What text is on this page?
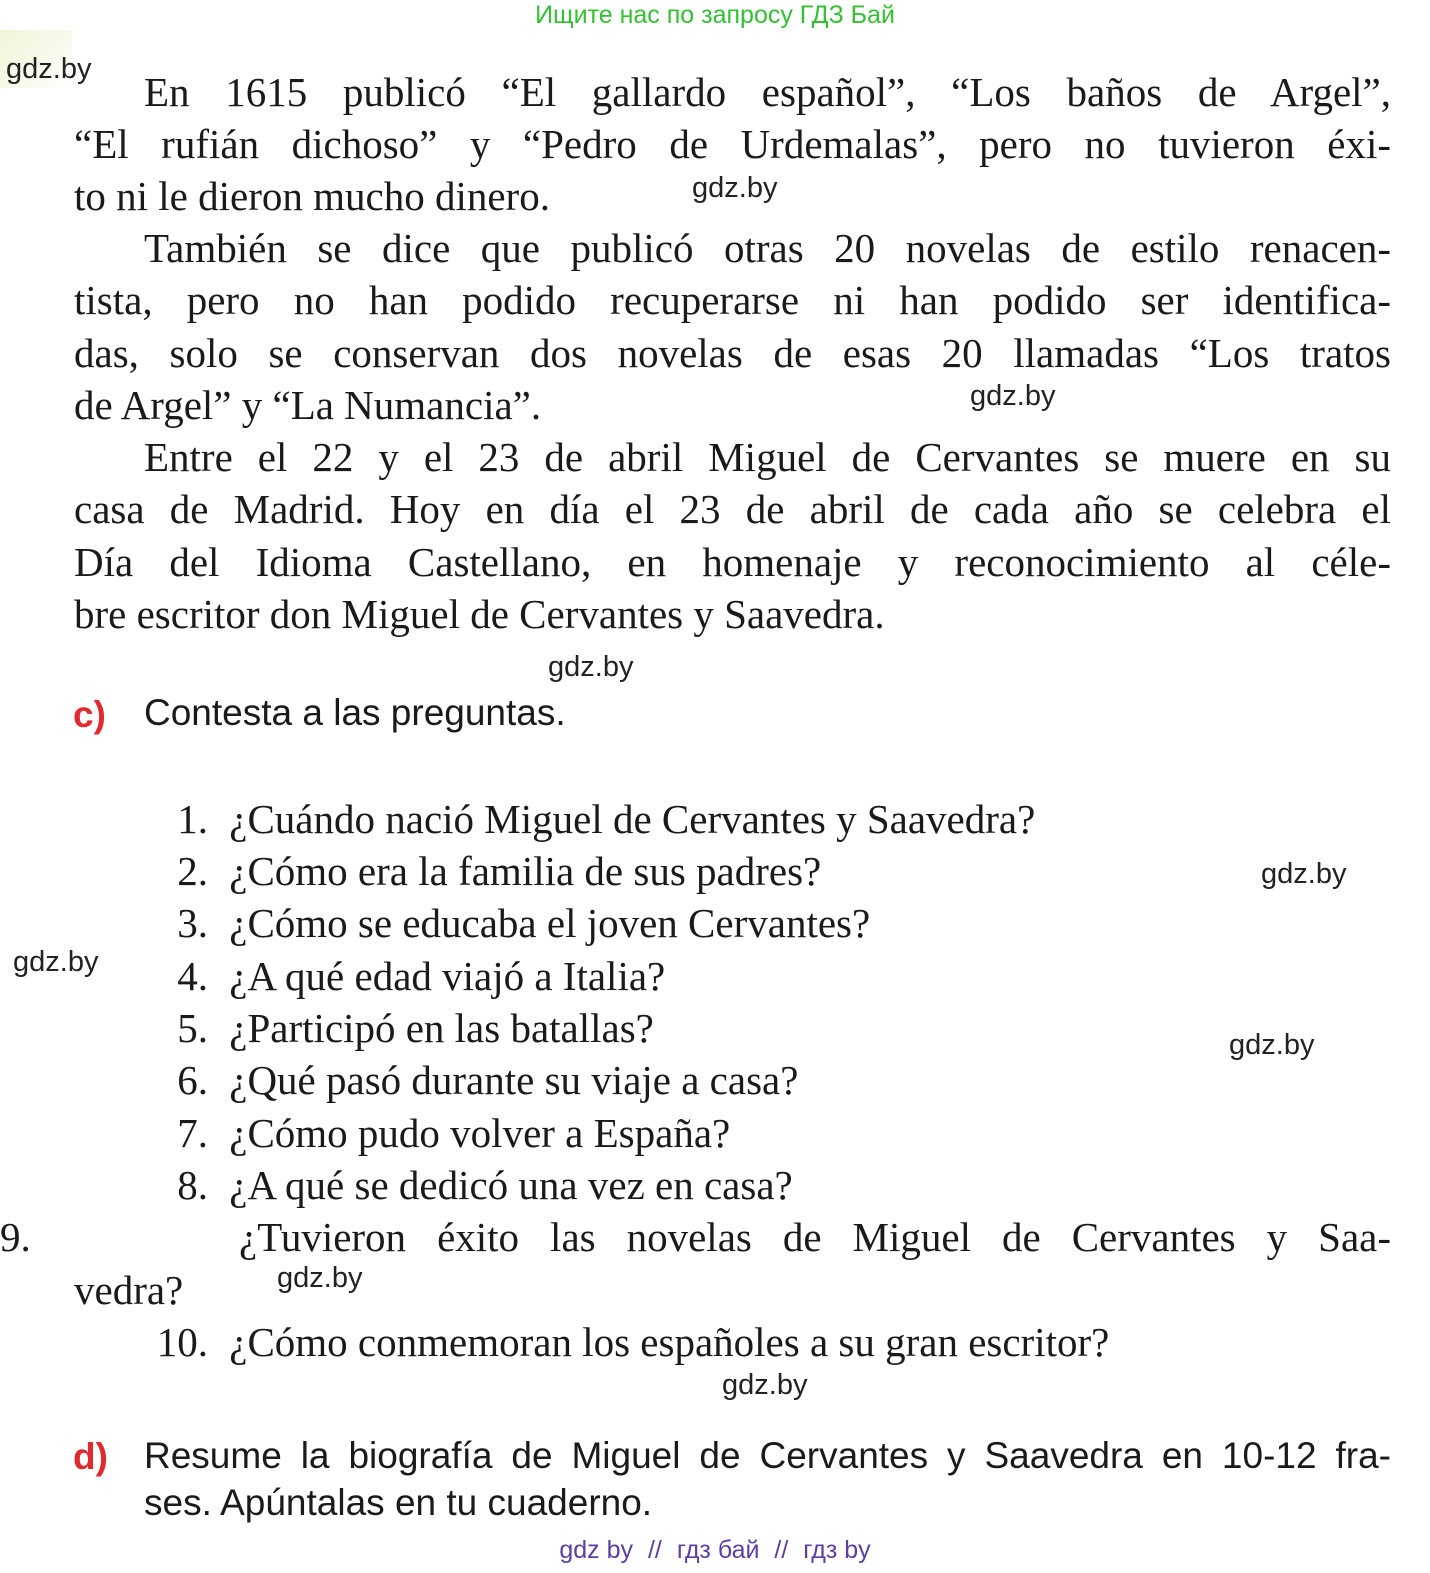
Ищите нас по запросу ГДЗ Бай
gdz.by
gdz.by
gdz.by
gdz.by
gdz.by
gdz.by
gdz.by
gdz.by
gdz.by
En 1615 publicó “El gallardo español”, “Los baños de Argel”,
“El rufián dichoso” y “Pedro de Urdemalas”, pero no tuvieron éxi-
to ni le dieron mucho dinero.
También se dice que publicó otras 20 novelas de estilo renacen-
tista, pero no han podido recuperarse ni han podido ser identifica-
das, solo se conservan dos novelas de esas 20 llamadas “Los tratos
de Argel” y “La Numancia”.
Entre el 22 y el 23 de abril Miguel de Cervantes se muere en su
casa de Madrid. Hoy en día el 23 de abril de cada año se celebra el
Día del Idioma Castellano, en homenaje y reconocimiento al céle-
bre escritor don Miguel de Cervantes y Saavedra.
c) Contesta a las preguntas.
1. ¿Cuándo nació Miguel de Cervantes y Saavedra?
2. ¿Cómo era la familia de sus padres?
3. ¿Cómo se educaba el joven Cervantes?
4. ¿A qué edad viajó a Italia?
5. ¿Participó en las batallas?
6. ¿Qué pasó durante su viaje a casa?
7. ¿Cómo pudo volver a España?
8. ¿A qué se dedicó una vez en casa?
9.	¿Tuvieron éxito las novelas de Miguel de Cervantes y Saa-
vedra?
10. ¿Cómo conmemoran los españoles a su gran escritor?
d) Resume la biografía de Miguel de Cervantes y Saavedra en 10-12 fra-
ses. Apúntalas en tu cuaderno.
gdz by // гдз бай // гдз by
